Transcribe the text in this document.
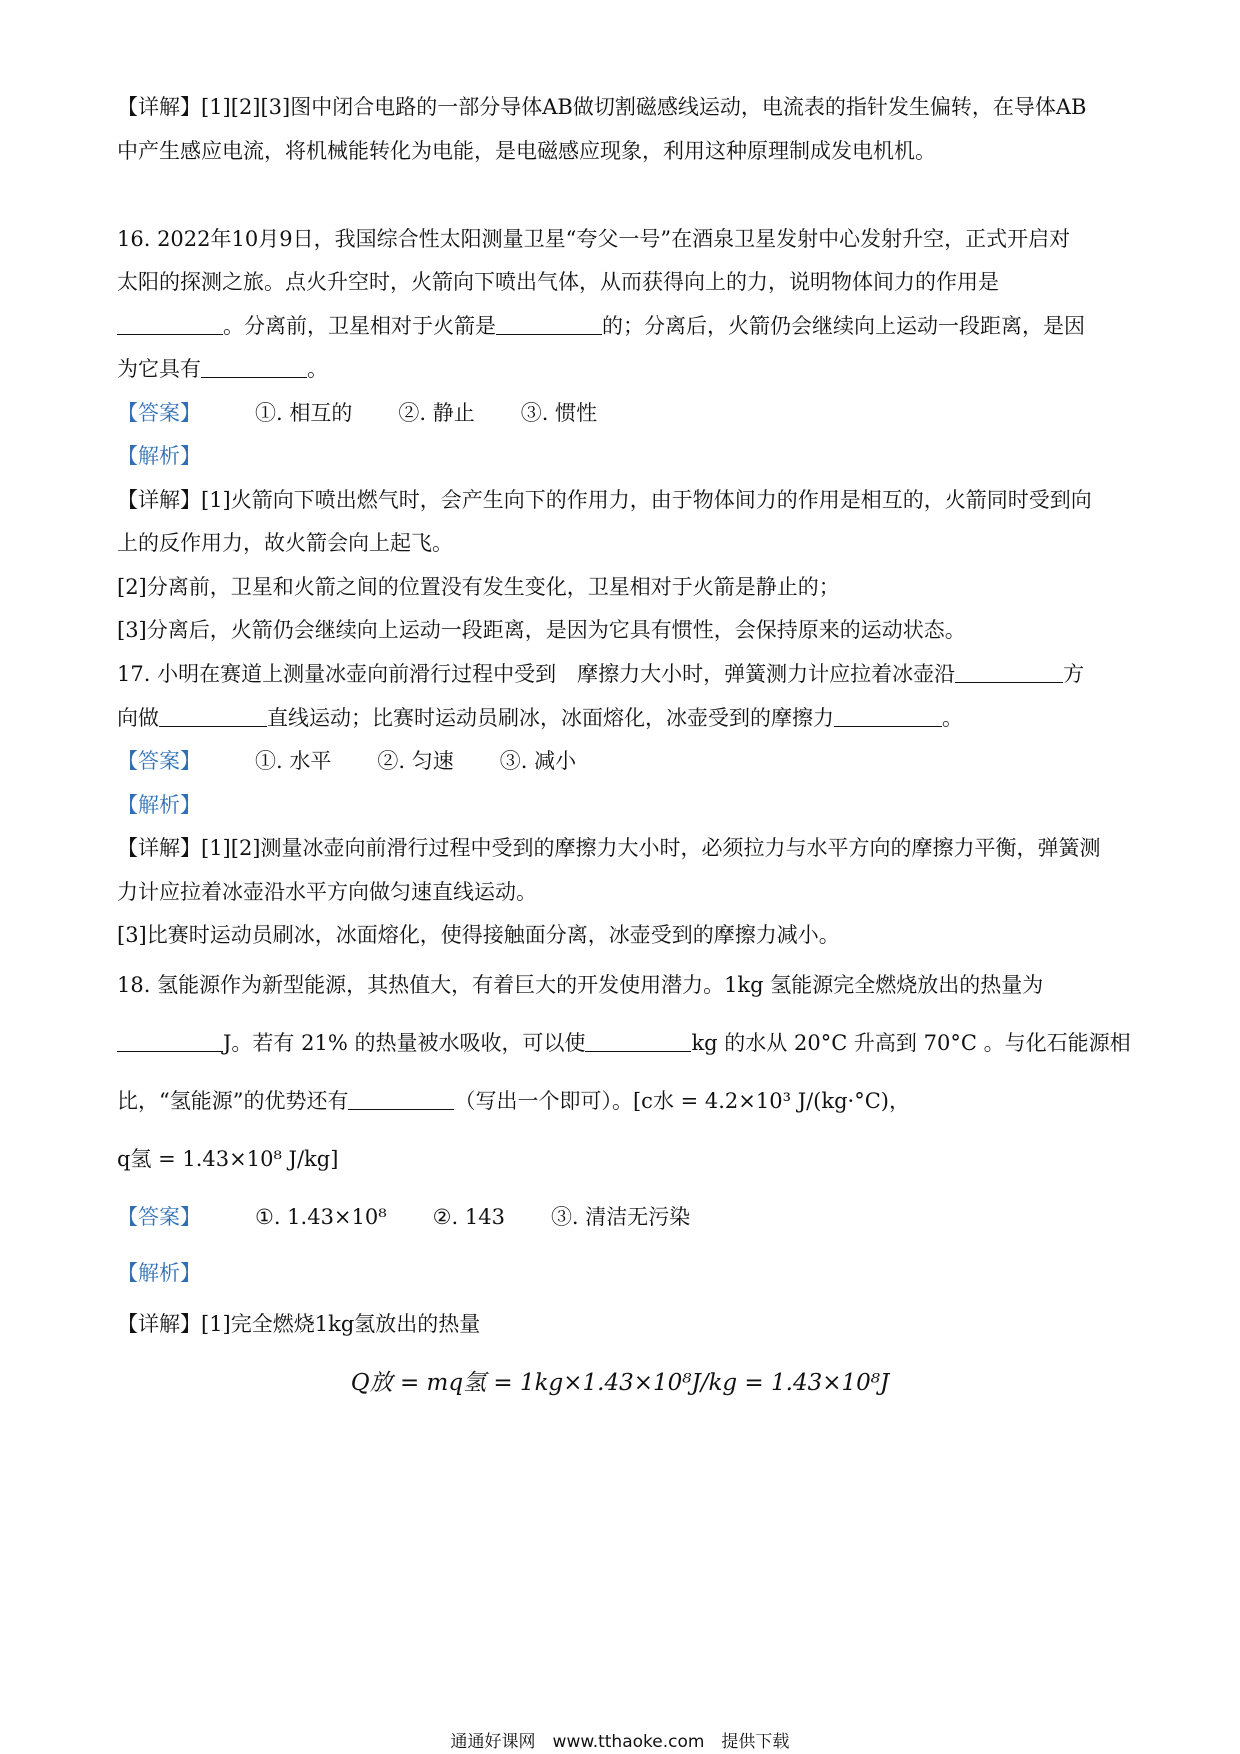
【详解】[1][2][3]图中闭合电路的一部分导体AB做切割磁感线运动，电流表的指针发生偏转，在导体AB
中产生感应电流，将机械能转化为电能，是电磁感应现象，利用这种原理制成发电机机。
16. 2022年10月9日，我国综合性太阳测量卫星“夸父一号”在酒泉卫星发射中心发射升空，正式开启对
太阳的探测之旅。点火升空时，火箭向下喷出气体，从而获得向上的力，说明物体间力的作用是
。分离前，卫星相对于火箭是	的；分离后，火箭仍会继续向上运动一段距离，是因
为它具有	。
【答案】	①. 相互的 ②. 静止 ③. 惯性
【解析】
【详解】[1]火箭向下喷出燃气时，会产生向下的作用力，由于物体间力的作用是相互的，火箭同时受到向
上的反作用力，故火箭会向上起飞。
[2]分离前，卫星和火箭之间的位置没有发生变化，卫星相对于火箭是静止的；
[3]分离后，火箭仍会继续向上运动一段距离，是因为它具有惯性，会保持原来的运动状态。
17. 小明在赛道上测量冰壶向前滑行过程中受到　摩擦力大小时，弹簧测力计应拉着冰壶沿	方
向做	直线运动；比赛时运动员刷冰，冰面熔化，冰壶受到的摩擦力	。
【答案】	①. 水平 ②. 匀速 ③. 减小
【解析】
【详解】[1][2]测量冰壶向前滑行过程中受到的摩擦力大小时，必须拉力与水平方向的摩擦力平衡，弹簧测
力计应拉着冰壶沿水平方向做匀速直线运动。
[3]比赛时运动员刷冰，冰面熔化，使得接触面分离，冰壶受到的摩擦力减小。
18. 氢能源作为新型能源，其热值大，有着巨大的开发使用潜力。1kg 氢能源完全燃烧放出的热量为
J。若有 21% 的热量被水吸收，可以使	kg 的水从 20°C 升高到 70°C 。与化石能源相
比，“氢能源”的优势还有	（写出一个即可）。[c水 = 4.2×10³ J/(kg·°C)，
q氢 = 1.43×10⁸ J/kg]
【答案】	①. 1.43×10⁸ ②. 143 ③. 清洁无污染
【解析】
【详解】[1]完全燃烧1kg氢放出的热量
Q放 = mq氢 = 1kg×1.43×10⁸J/kg = 1.43×10⁸J
通通好课网　www.tthaoke.com　提供下载
